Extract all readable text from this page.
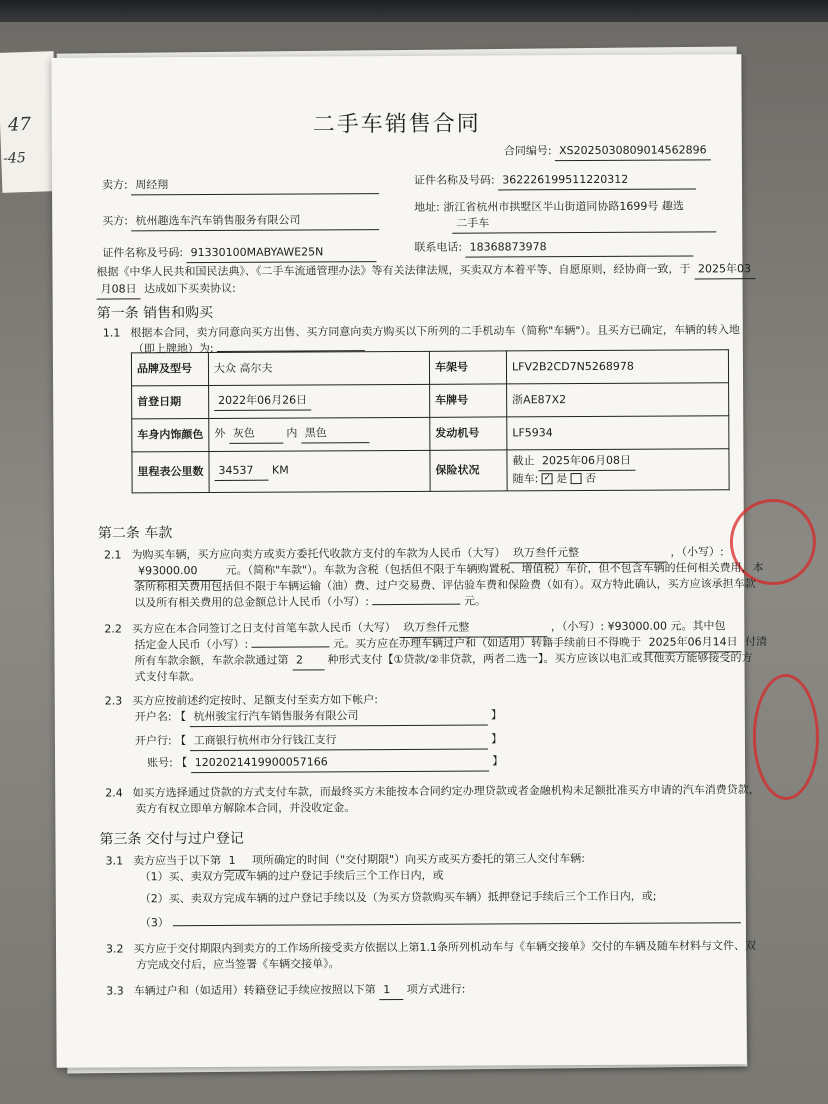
47
-45
二手车销售合同
合同编号: XS2025030809014562896
卖方: 周经翔	证件名称及号码: 362226199511220312
买方: 杭州趣选车汽车销售服务有限公司
地址: 浙江省杭州市拱墅区半山街道同协路1699号 趣选
二手车
证件名称及号码: 91330100MABYAWE25N	联系电话: 18368873978
根据《中华人民共和国民法典》、《二手车流通管理办法》等有关法律法规，买卖双方本着平等、自愿原则，经协商一致，于 2025年03
月08日 达成如下买卖协议:
第一条 销售和购买
1.1 根据本合同，卖方同意向买方出售、买方同意向卖方购买以下所列的二手机动车（简称"车辆"）。且买方已确定，车辆的转入地
（即上牌地）为:
品牌及型号	大众 高尔夫	车架号	LFV2B2CD7N5268978
首登日期	2022年06月26日	车牌号	浙AE87X2
车身内饰颜色	外 灰色 内 黑色	发动机号	LF5934
里程表公里数	34537 KM	保险状况	截止 2025年06月08日
随车: ✓ 是 否
第二条 车款
2.1 为购买车辆，买方应向卖方或卖方委托代收款方支付的车款为人民币（大写） 玖万叁仟元整	，（小写）:
¥93000.00	元。（简称"车款"）。车款为含税（包括但不限于车辆购置税、增值税）车价，但不包含车辆的任何相关费用，本
条所称相关费用包括但不限于车辆运输（油）费、过户交易费、评估验车费和保险费（如有）。双方特此确认，买方应该承担车款
以及所有相关费用的总金额总计人民币（小写）:	元。
2.2 买方应在本合同签订之日支付首笔车款人民币（大写） 玖万叁仟元整	，（小写）: ¥93000.00 元。其中包
括定金人民币（小写）:	元。买方应在办理车辆过户和（如适用）转籍手续前日不得晚于 2025年06月14日 付清
所有车款余额，车款余款通过第 2 种形式支付【①贷款/②非贷款，两者二选一】。买方应该以电汇或其他卖方能够接受的方
式支付车款。
2.3 买方应按前述约定按时、足额支付至卖方如下帐户:
开户名: 【 杭州骏宝行汽车销售服务有限公司	】
开户行: 【 工商银行杭州市分行钱江支行	】
账号: 【 1202021419900057166	】
2.4 如买方选择通过贷款的方式支付车款，而最终买方未能按本合同约定办理贷款或者金融机构未足额批准买方申请的汽车消费贷款，
卖方有权立即单方解除本合同，并没收定金。
第三条 交付与过户登记
3.1 卖方应当于以下第 1 项所确定的时间（"交付期限"）向买方或买方委托的第三人交付车辆:
（1）买、卖双方完成车辆的过户登记手续后三个工作日内，或
（2）买、卖双方完成车辆的过户登记手续以及（为买方贷款购买车辆）抵押登记手续后三个工作日内，或;
（3）
3.2 买方应于交付期限内到卖方的工作场所接受卖方依据以上第1.1条所列机动车与《车辆交接单》交付的车辆及随车材料与文件、双
方完成交付后，应当签署《车辆交接单》。
3.3 车辆过户和（如适用）转籍登记手续应按照以下第 1 项方式进行:
